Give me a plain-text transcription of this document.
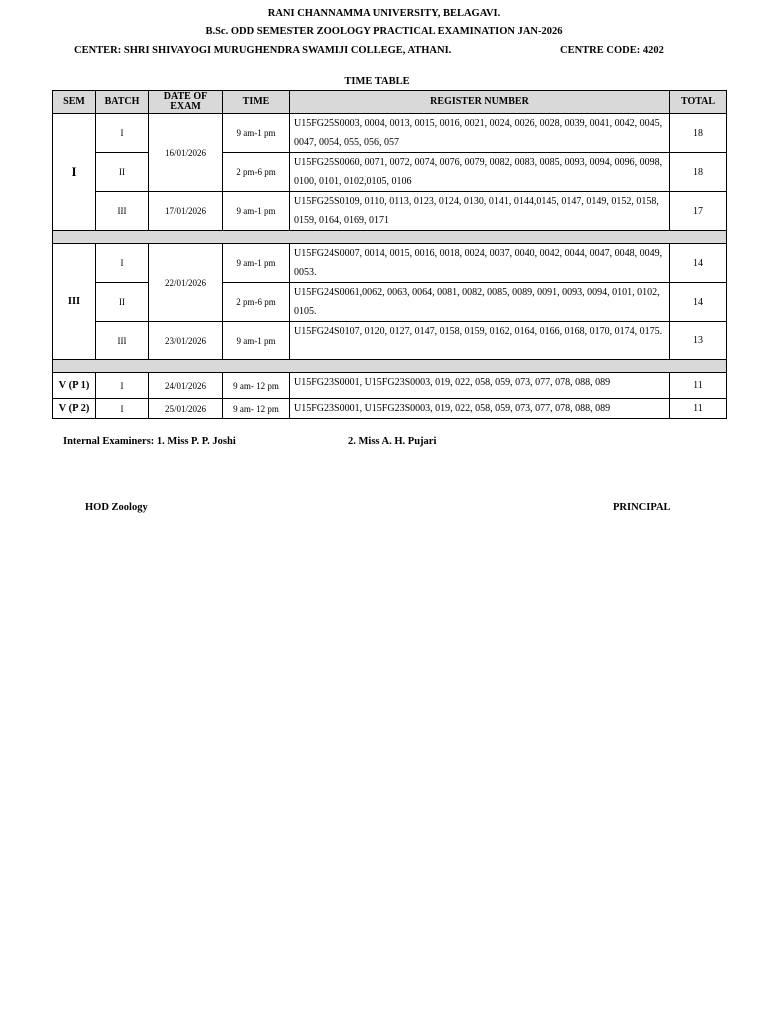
RANI CHANNAMMA UNIVERSITY, BELAGAVI.
B.Sc. ODD SEMESTER ZOOLOGY PRACTICAL EXAMINATION JAN-2026
CENTER: SHRI SHIVAYOGI MURUGHENDRA SWAMIJI COLLEGE, ATHANI.	CENTRE CODE: 4202
TIME TABLE
SEM	BATCH	DATE OF EXAM	TIME	REGISTER NUMBER	TOTAL
I	I	16/01/2026	9 am-1 pm	U15FG25S0003, 0004, 0013, 0015, 0016, 0021, 0024, 0026, 0028, 0039, 0041, 0042, 0045, 0047, 0054, 055, 056, 057	18
	II		2 pm-6 pm	U15FG25S0060, 0071, 0072, 0074, 0076, 0079, 0082, 0083, 0085, 0093, 0094, 0096, 0098, 0100, 0101, 0102,0105, 0106	18
	III	17/01/2026	9 am-1 pm	U15FG25S0109, 0110, 0113, 0123, 0124, 0130, 0141, 0144,0145, 0147, 0149, 0152, 0158, 0159, 0164, 0169, 0171	17

III	I	22/01/2026	9 am-1 pm	U15FG24S0007, 0014, 0015, 0016, 0018, 0024, 0037, 0040, 0042, 0044, 0047, 0048, 0049, 0053.	14
	II		2 pm-6 pm	U15FG24S0061,0062, 0063, 0064, 0081, 0082, 0085, 0089, 0091, 0093, 0094, 0101, 0102, 0105.	14
	III	23/01/2026	9 am-1 pm	U15FG24S0107, 0120, 0127, 0147, 0158, 0159, 0162, 0164, 0166, 0168, 0170, 0174, 0175.	13

V (P 1)	I	24/01/2026	9 am- 12 pm	U15FG23S0001, U15FG23S0003, 019, 022, 058, 059, 073, 077, 078, 088, 089	11
V (P 2)	I	25/01/2026	9 am- 12 pm	U15FG23S0001, U15FG23S0003, 019, 022, 058, 059, 073, 077, 078, 088, 089	11
Internal Examiners: 1. Miss P. P. Joshi	2. Miss A. H. Pujari
HOD Zoology	PRINCIPAL
